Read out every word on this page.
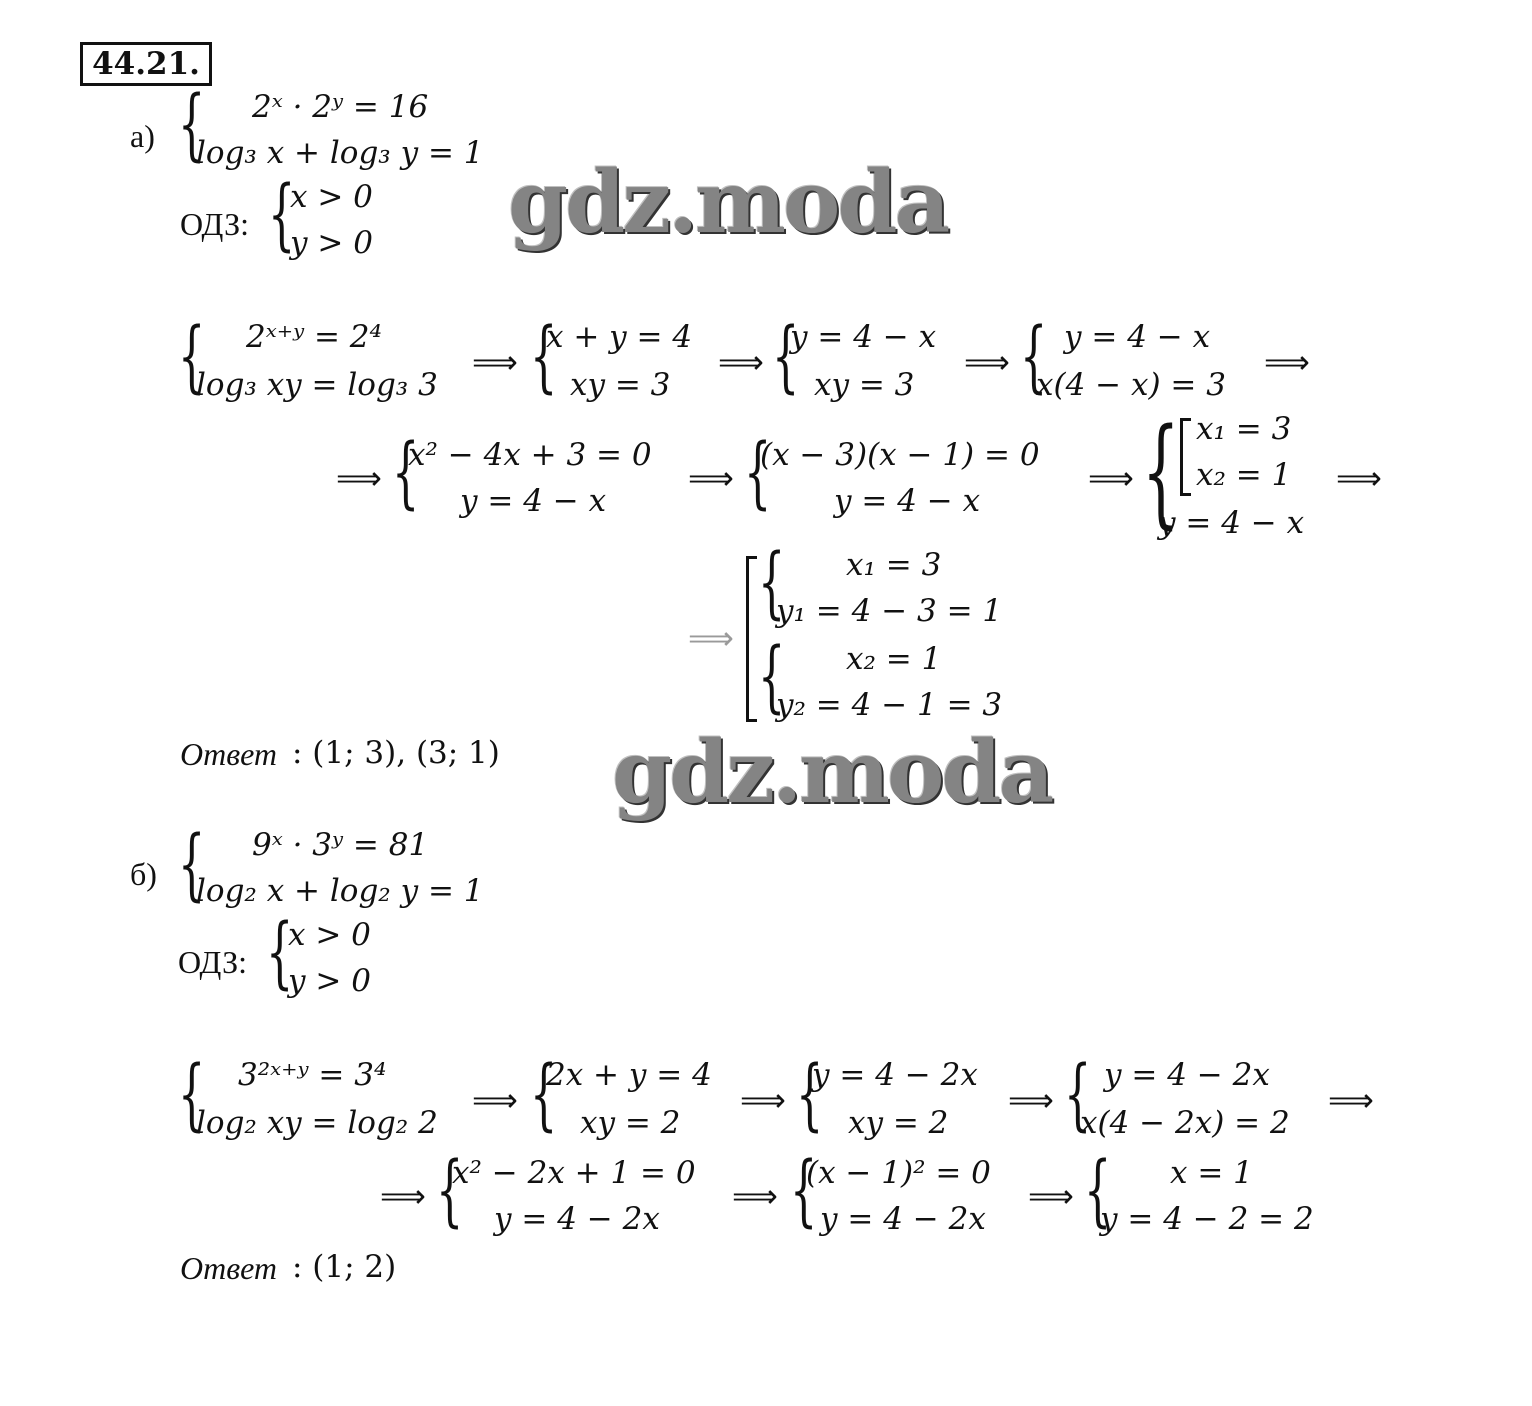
44.21.
а) { 2ˣ · 2ʸ = 16
log₃ x + log₃ y = 1
ОДЗ: {
x > 0
y > 0 gdz.moda
{ 2ˣ⁺ʸ = 2⁴
log₃ xy = log₃ 3
⟹ {
x + y = 4
xy = 3
⟹ {
y = 4 − x
xy = 3
⟹ { y = 4 − x
x(4 − x) = 3
⟹
⟹ {
x² − 4x + 3 = 0
y = 4 − x
⟹ {
(x − 3)(x − 1) = 0
y = 4 − x
⟹ { x₁ = 3
x₂ = 1
y = 4 − x
⟹
⟹
{ x₁ = 3
y₁ = 4 − 3 = 1
{ x₂ = 1
y₂ = 4 − 1 = 3
Ответ : (1; 3), (3; 1) gdz.moda
б) { 9ˣ · 3ʸ = 81
log₂ x + log₂ y = 1
ОДЗ: {
x > 0
y > 0
{ 3²ˣ⁺ʸ = 3⁴
log₂ xy = log₂ 2
⟹ {
2x + y = 4
xy = 2
⟹ {
y = 4 − 2x
xy = 2
⟹ { y = 4 − 2x
x(4 − 2x) = 2
⟹
⟹ {
x² − 2x + 1 = 0
y = 4 − 2x
⟹ {
(x − 1)² = 0
y = 4 − 2x
⟹ { x = 1
y = 4 − 2 = 2
Ответ : (1; 2)
